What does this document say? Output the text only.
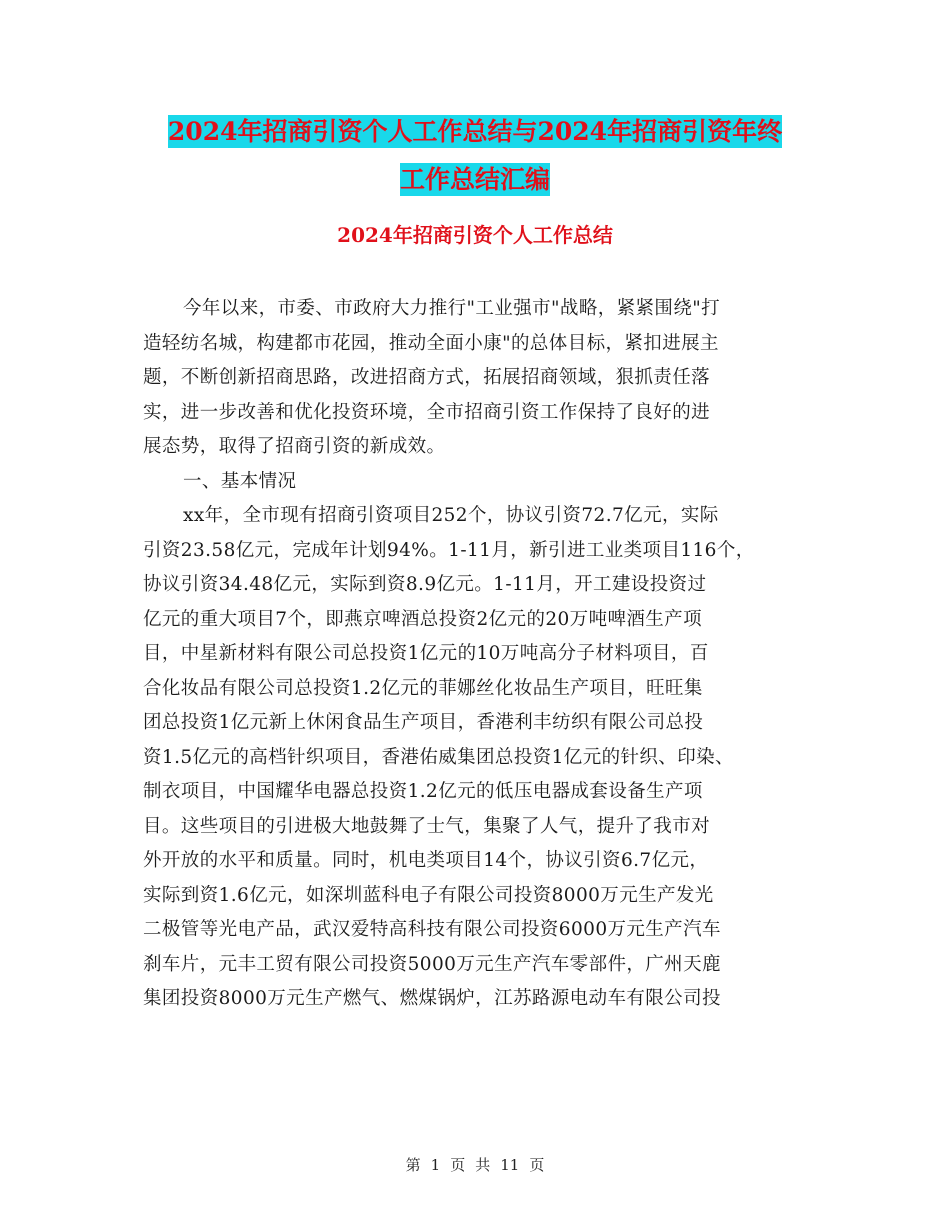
2024年招商引资个人工作总结与2024年招商引资年终
工作总结汇编
2024年招商引资个人工作总结
今年以来，市委、市政府大力推行"工业强市"战略，紧紧围绕"打
造轻纺名城，构建都市花园，推动全面小康"的总体目标，紧扣进展主
题，不断创新招商思路，改进招商方式，拓展招商领域，狠抓责任落
实，进一步改善和优化投资环境，全市招商引资工作保持了良好的进
展态势，取得了招商引资的新成效。
一、基本情况
xx年，全市现有招商引资项目252个，协议引资72.7亿元，实际
引资23.58亿元，完成年计划94%。1-11月，新引进工业类项目116个，
协议引资34.48亿元，实际到资8.9亿元。1-11月，开工建设投资过
亿元的重大项目7个，即燕京啤酒总投资2亿元的20万吨啤酒生产项
目，中星新材料有限公司总投资1亿元的10万吨高分子材料项目，百
合化妆品有限公司总投资1.2亿元的菲娜丝化妆品生产项目，旺旺集
团总投资1亿元新上休闲食品生产项目，香港利丰纺织有限公司总投
资1.5亿元的高档针织项目，香港佑威集团总投资1亿元的针织、印染、
制衣项目，中国耀华电器总投资1.2亿元的低压电器成套设备生产项
目。这些项目的引进极大地鼓舞了士气，集聚了人气，提升了我市对
外开放的水平和质量。同时，机电类项目14个，协议引资6.7亿元，
实际到资1.6亿元，如深圳蓝科电子有限公司投资8000万元生产发光
二极管等光电产品，武汉爱特高科技有限公司投资6000万元生产汽车
刹车片，元丰工贸有限公司投资5000万元生产汽车零部件，广州天鹿
集团投资8000万元生产燃气、燃煤锅炉，江苏路源电动车有限公司投
第 1 页 共 11 页
